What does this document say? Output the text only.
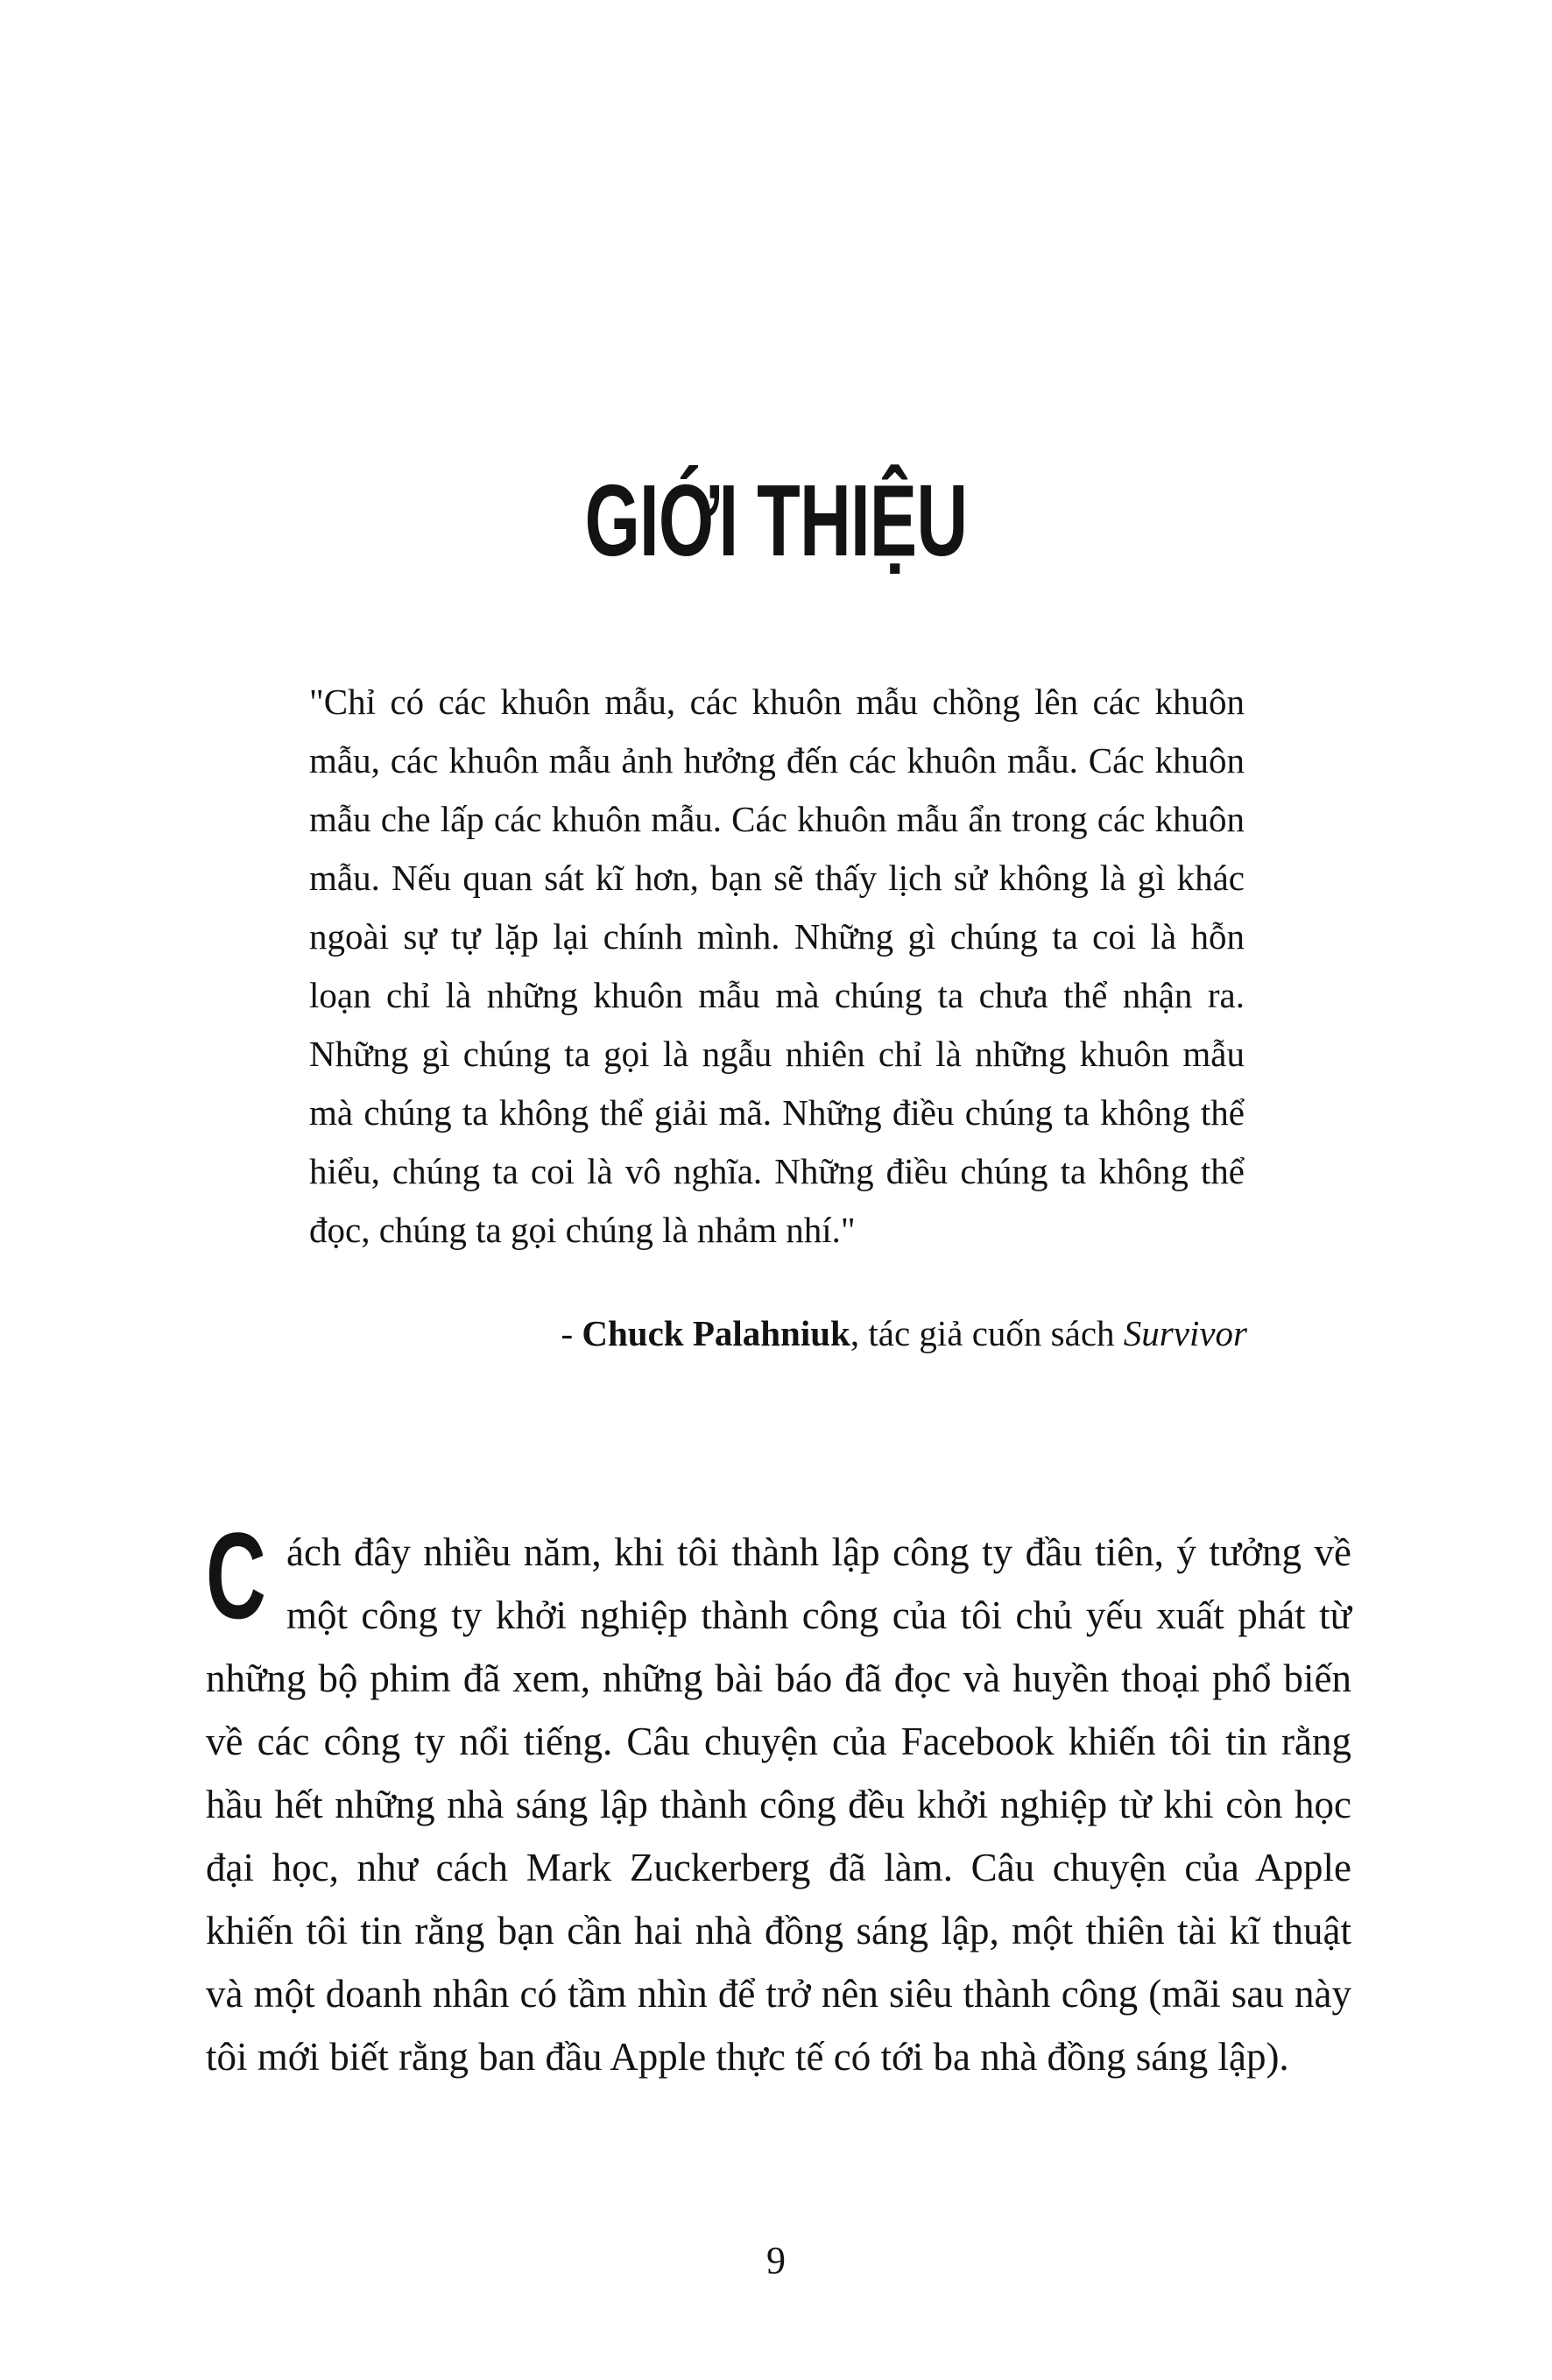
GIỚI THIỆU

"Chỉ có các khuôn mẫu, các khuôn mẫu chồng lên các khuôn mẫu, các khuôn mẫu ảnh hưởng đến các khuôn mẫu. Các khuôn mẫu che lấp các khuôn mẫu. Các khuôn mẫu ẩn trong các khuôn mẫu. Nếu quan sát kĩ hơn, bạn sẽ thấy lịch sử không là gì khác ngoài sự tự lặp lại chính mình. Những gì chúng ta coi là hỗn loạn chỉ là những khuôn mẫu mà chúng ta chưa thể nhận ra. Những gì chúng ta gọi là ngẫu nhiên chỉ là những khuôn mẫu mà chúng ta không thể giải mã. Những điều chúng ta không thể hiểu, chúng ta coi là vô nghĩa. Những điều chúng ta không thể đọc, chúng ta gọi chúng là nhảm nhí."

- Chuck Palahniuk, tác giả cuốn sách Survivor

Cách đây nhiều năm, khi tôi thành lập công ty đầu tiên, ý tưởng về một công ty khởi nghiệp thành công của tôi chủ yếu xuất phát từ những bộ phim đã xem, những bài báo đã đọc và huyền thoại phổ biến về các công ty nổi tiếng. Câu chuyện của Facebook khiến tôi tin rằng hầu hết những nhà sáng lập thành công đều khởi nghiệp từ khi còn học đại học, như cách Mark Zuckerberg đã làm. Câu chuyện của Apple khiến tôi tin rằng bạn cần hai nhà đồng sáng lập, một thiên tài kĩ thuật và một doanh nhân có tầm nhìn để trở nên siêu thành công (mãi sau này tôi mới biết rằng ban đầu Apple thực tế có tới ba nhà đồng sáng lập).

9
